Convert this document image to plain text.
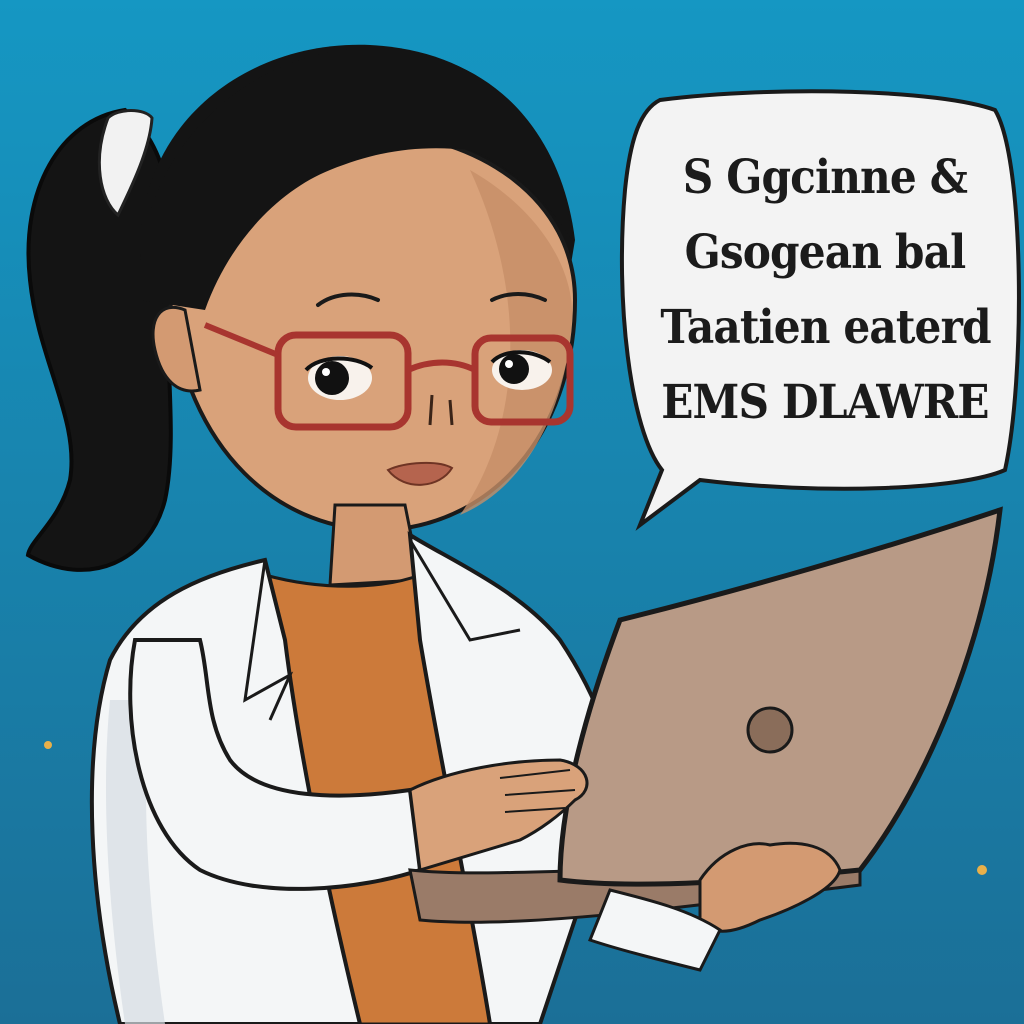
S Ggcinne &
Gsogean bal
Taatien eaterd
EMS DLAWRE
